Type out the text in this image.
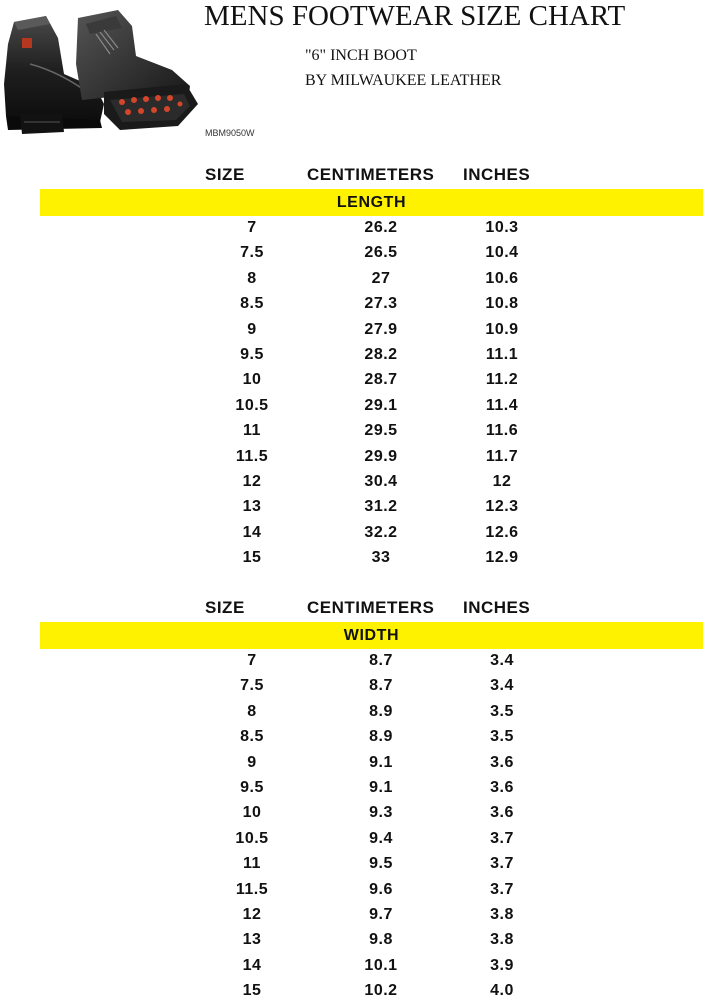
MENS FOOTWEAR SIZE CHART
"6" INCH BOOT
BY MILWAUKEE LEATHER
MBM9050W
SIZE	CENTIMETERS INCHES
LENGTH
7	26.2	10.3
7.5	26.5	10.4
8	27	10.6
8.5	27.3	10.8
9	27.9	10.9
9.5	28.2	11.1
10	28.7	11.2
10.5	29.1	11.4
11	29.5	11.6
11.5	29.9	11.7
12	30.4	12
13	31.2	12.3
14	32.2	12.6
15	33	12.9
SIZE	CENTIMETERS INCHES
WIDTH
7	8.7	3.4
7.5	8.7	3.4
8	8.9	3.5
8.5	8.9	3.5
9	9.1	3.6
9.5	9.1	3.6
10	9.3	3.6
10.5	9.4	3.7
11	9.5	3.7
11.5	9.6	3.7
12	9.7	3.8
13	9.8	3.8
14	10.1	3.9
15	10.2	4.0
